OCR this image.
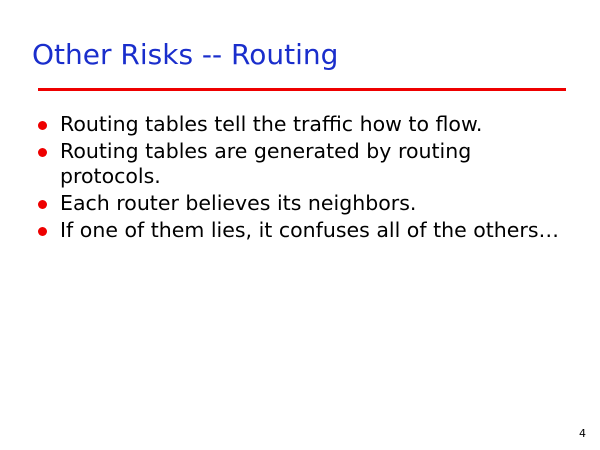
Other Risks -- Routing
Routing tables tell the traffic how to flow.
Routing tables are generated by routing protocols.
Each router believes its neighbors.
If one of them lies, it confuses all of the others…
4
